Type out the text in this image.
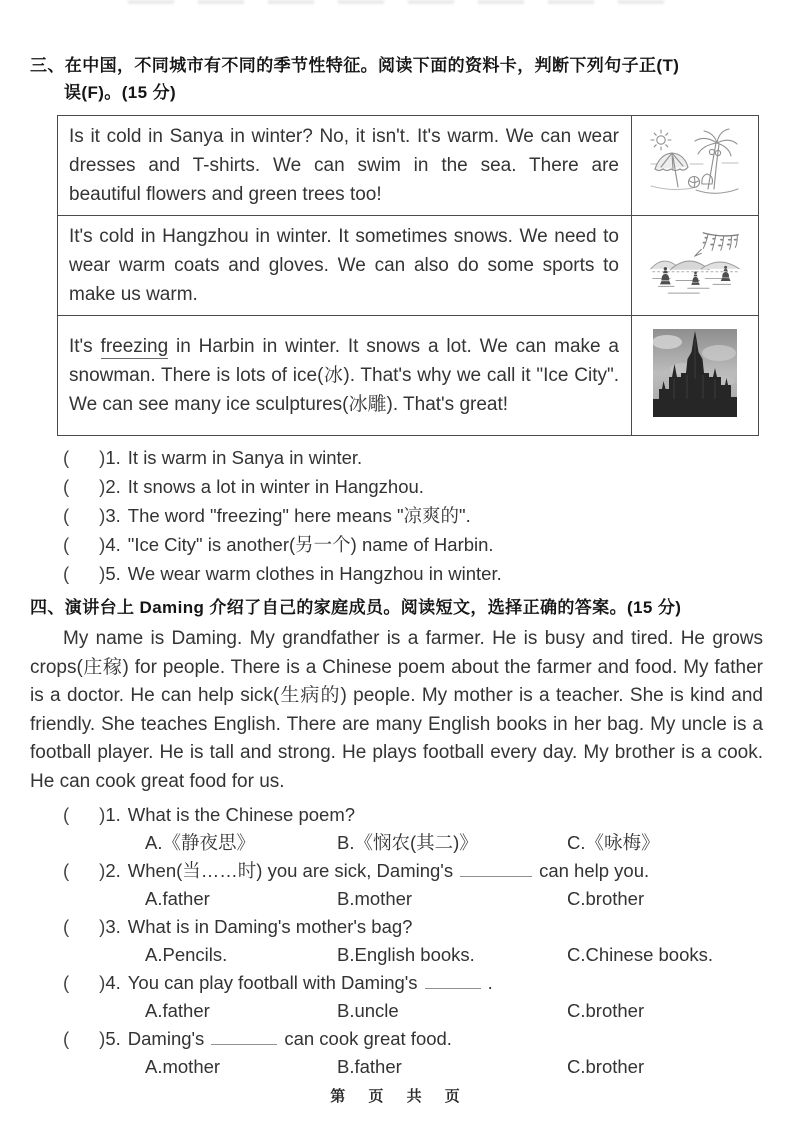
三、在中国，不同城市有不同的季节性特征。阅读下面的资料卡，判断下列句子正(T)
误(F)。(15 分)
Is it cold in Sanya in winter? No, it isn't. It's warm. We can wear dresses and T-shirts. We can swim in the sea. There are beautiful flowers and green trees too!	
It's cold in Hangzhou in winter. It sometimes snows. We need to wear warm coats and gloves. We can also do some sports to make us warm.	
It's freezing in Harbin in winter. It snows a lot. We can make a snowman. There is lots of ice(冰). That's why we call it "Ice City". We can see many ice sculptures(冰雕). That's great!	
( )1. It is warm in Sanya in winter.
( )2. It snows a lot in winter in Hangzhou.
( )3. The word "freezing" here means "凉爽的".
( )4. "Ice City" is another(另一个) name of Harbin.
( )5. We wear warm clothes in Hangzhou in winter.
四、演讲台上 Daming 介绍了自己的家庭成员。阅读短文，选择正确的答案。(15 分)

My name is Daming. My grandfather is a farmer. He is busy and tired. He grows crops(庄稼) for people. There is a Chinese poem about the farmer and food. My father is a doctor. He can help sick(生病的) people. My mother is a teacher. She is kind and friendly. She teaches English. There are many English books in her bag. My uncle is a football player. He is tall and strong. He plays football every day. My brother is a cook. He can cook great food for us.

( )1. What is the Chinese poem?
A.《静夜思》	B.《悯农(其二)》	C.《咏梅》
( )2. When(当……时) you are sick, Daming's	can help you.
A.father	B.mother	C.brother
( )3. What is in Daming's mother's bag?
A.Pencils.	B.English books.	C.Chinese books.
( )4. You can play football with Daming's	.
A.father	B.uncle	C.brother
( )5. Daming's	can cook great food.
A.mother	B.father	C.brother
第 页 共 页
